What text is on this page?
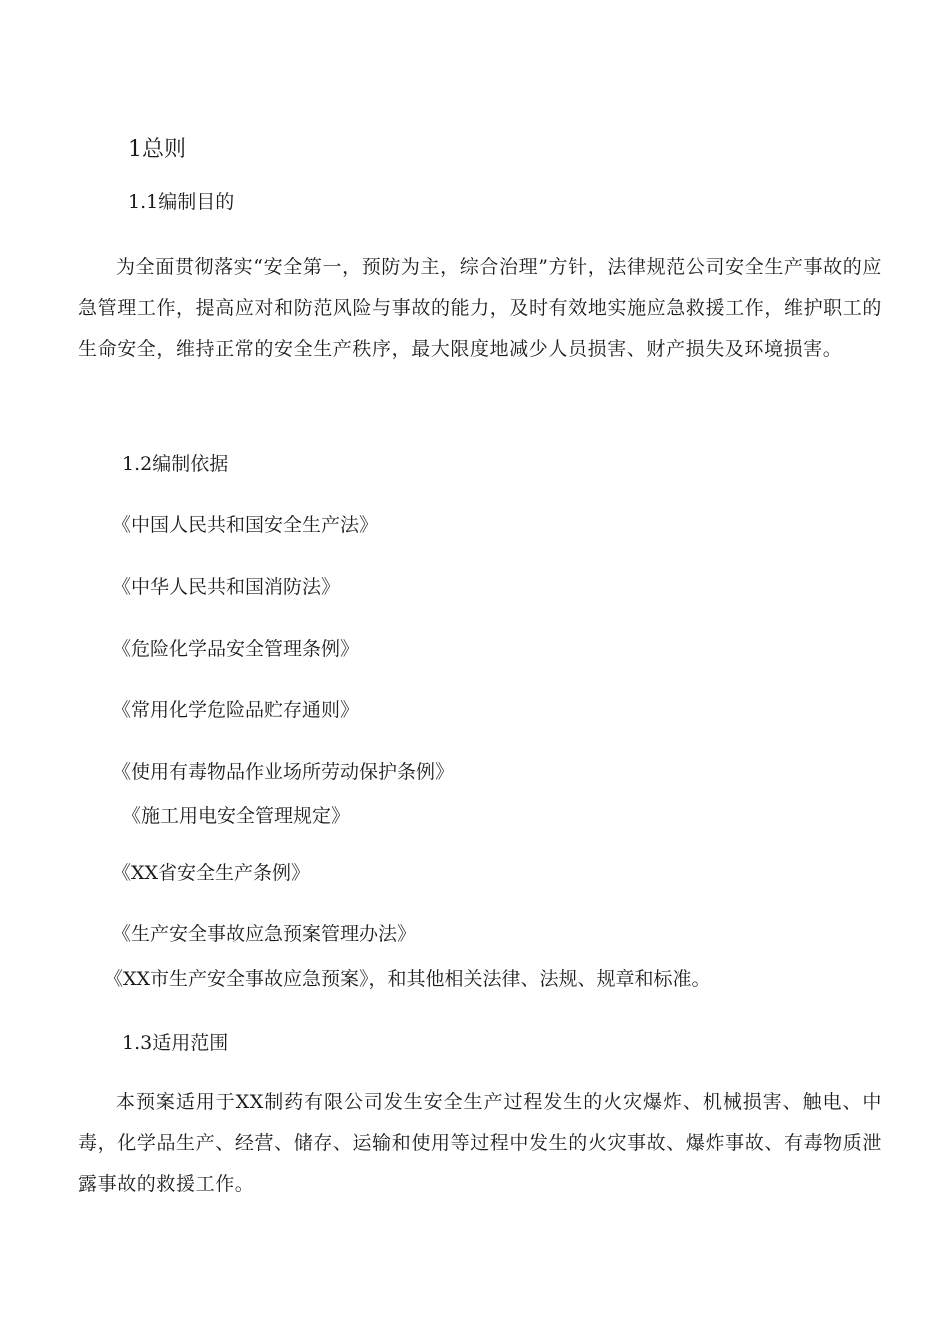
1总则
1.1编制目的
为全面贯彻落实“安全第一，预防为主，综合治理”方针，法律规范公司安全生产事故的应急管理工作，提高应对和防范风险与事故的能力，及时有效地实施应急救援工作，维护职工的生命安全，维持正常的安全生产秩序，最大限度地减少人员损害、财产损失及环境损害。
1.2编制依据
《中国人民共和国安全生产法》
《中华人民共和国消防法》
《危险化学品安全管理条例》
《常用化学危险品贮存通则》
《使用有毒物品作业场所劳动保护条例》
《施工用电安全管理规定》
《XX省安全生产条例》
《生产安全事故应急预案管理办法》
《XX市生产安全事故应急预案》，和其他相关法律、法规、规章和标准。
1.3适用范围
本预案适用于XX制药有限公司发生安全生产过程发生的火灾爆炸、机械损害、触电、中毒，化学品生产、经营、储存、运输和使用等过程中发生的火灾事故、爆炸事故、有毒物质泄露事故的救援工作。
